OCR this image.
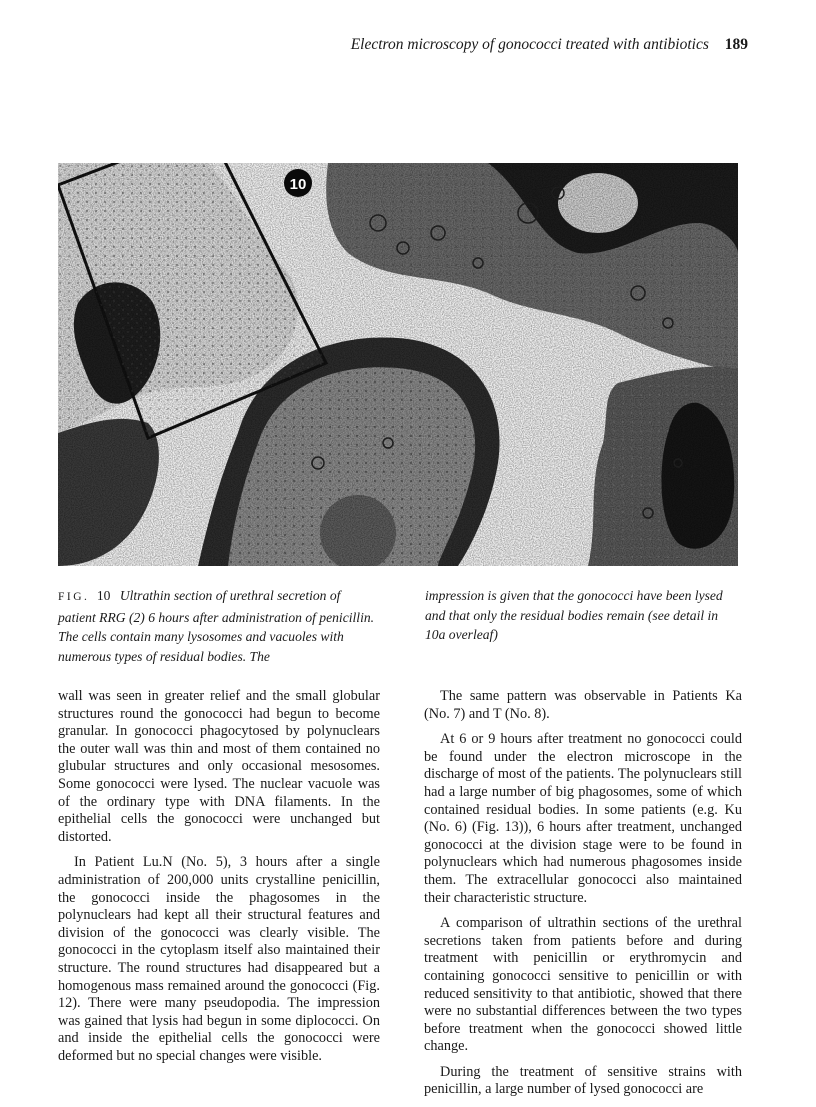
Electron microscopy of gonococci treated with antibiotics 189
10
FIG. 10 Ultrathin section of urethral secretion of patient RRG (2) 6 hours after administration of penicillin. The cells contain many lysosomes and vacuoles with numerous types of residual bodies. The
impression is given that the gonococci have been lysed and that only the residual bodies remain (see detail in 10a overleaf)

wall was seen in greater relief and the small globular structures round the gonococci had begun to become granular. In gonococci phagocytosed by polynuclears the outer wall was thin and most of them contained no glubular structures and only occasional mesosomes. Some gonococci were lysed. The nuclear vacuole was of the ordinary type with DNA filaments. In the epithelial cells the gonococci were unchanged but distorted.

In Patient Lu.N (No. 5), 3 hours after a single administration of 200,000 units crystalline penicillin, the gonococci inside the phagosomes in the polynuclears had kept all their structural features and division of the gonococci was clearly visible. The gonococci in the cytoplasm itself also maintained their structure. The round structures had disappeared but a homogenous mass remained around the gonococci (Fig. 12). There were many pseudopodia. The impression was gained that lysis had begun in some diplococci. On and inside the epithelial cells the gonococci were deformed but no special changes were visible.

The same pattern was observable in Patients Ka (No. 7) and T (No. 8).

At 6 or 9 hours after treatment no gonococci could be found under the electron microscope in the discharge of most of the patients. The polynuclears still had a large number of big phagosomes, some of which contained residual bodies. In some patients (e.g. Ku (No. 6) (Fig. 13)), 6 hours after treatment, unchanged gonococci at the division stage were to be found in polynuclears which had numerous phagosomes inside them. The extracellular gonococci also maintained their characteristic structure.

A comparison of ultrathin sections of the urethral secretions taken from patients before and during treatment with penicillin or erythromycin and containing gonococci sensitive to penicillin or with reduced sensitivity to that antibiotic, showed that there were no substantial differences between the two types before treatment when the gonococci showed little change.

During the treatment of sensitive strains with penicillin, a large number of lysed gonococci are
